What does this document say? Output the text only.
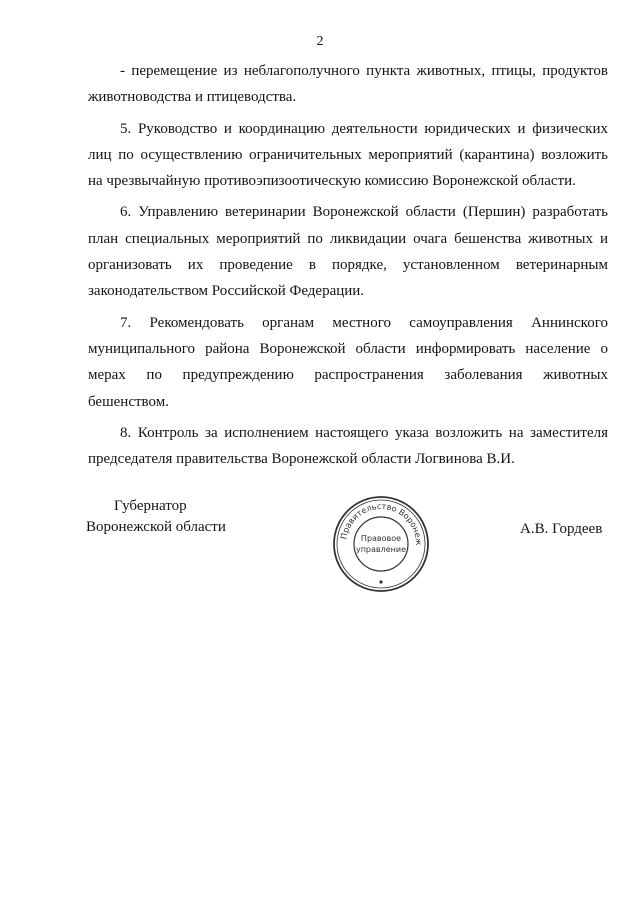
2

- перемещение из неблагополучного пункта животных, птицы, продуктов животноводства и птицеводства.

5. Руководство и координацию деятельности юридических и физических лиц по осуществлению ограничительных мероприятий (карантина) возложить на чрезвычайную противоэпизоотическую комиссию Воронежской области.

6. Управлению ветеринарии Воронежской области (Першин) разработать план специальных мероприятий по ликвидации очага бешенства животных и организовать их проведение в порядке, установленном ветеринарным законодательством Российской Федерации.

7. Рекомендовать органам местного самоуправления Аннинского муниципального района Воронежской области информировать население о мерах по предупреждению распространения заболевания животных бешенством.

8. Контроль за исполнением настоящего указа возложить на заместителя председателя правительства Воронежской области Логвинова В.И.

Губернатор
Воронежской области	А.В. Гордеев
Правительство Воронеж
Правовое
управление
